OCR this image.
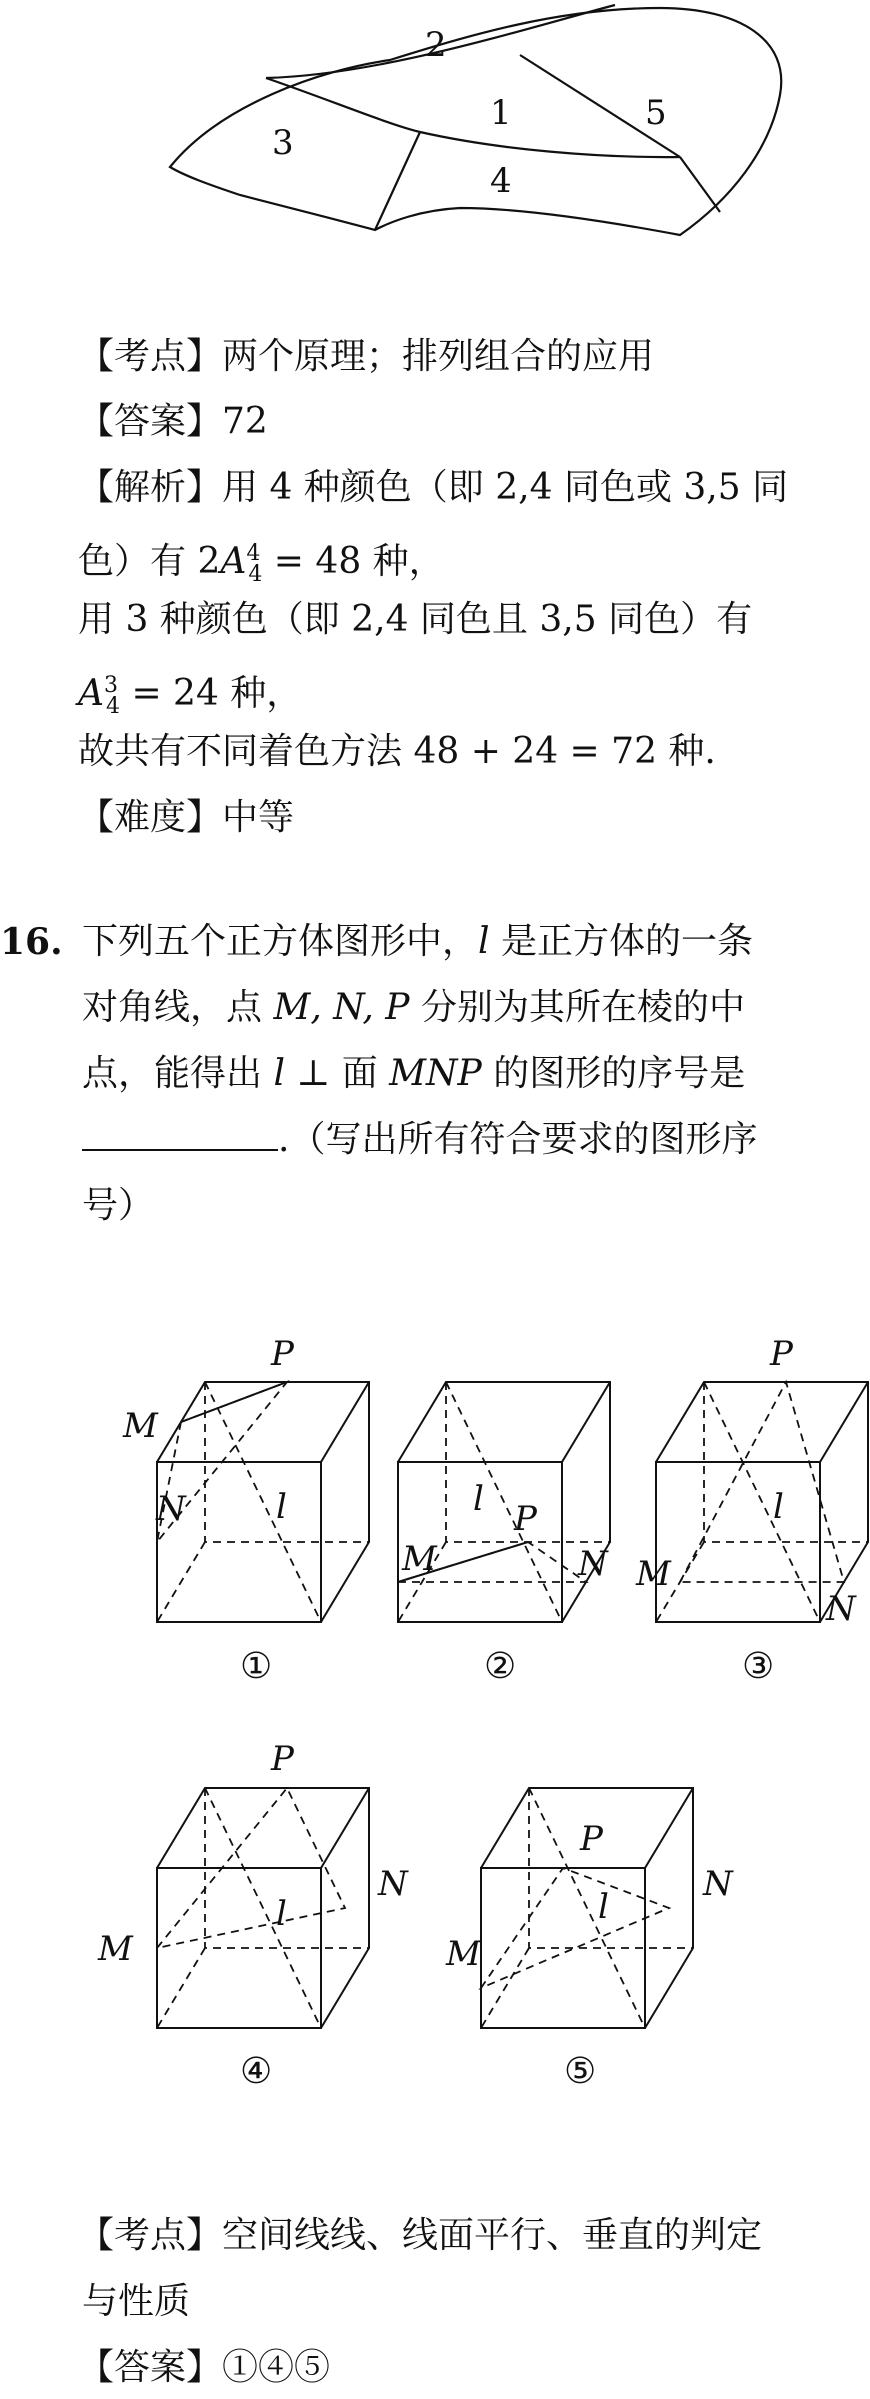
2
1
3
5
4
【考点】两个原理；排列组合的应用
【答案】72
【解析】用 4 种颜色（即 2,4 同色或 3,5 同
色）有 $2A^4_4 = 48$ 种，
用 3 种颜色（即 2,4 同色且 3,5 同色）有
$A^3_4 = 24$ 种，
故共有不同着色方法 48 + 24 = 72 种.
【难度】中等
16. 下列五个正方体图形中，l 是正方体的一条
对角线，点 M, N, P 分别为其所在棱的中
点，能得出 l ⊥ 面 MNP 的图形的序号是
.（写出所有符合要求的图形序
号）
P
M
N	l
①
l P
M	N
②
P
l
M
N
③
P
N
l
M
④
P
N
l
M
⑤
【考点】空间线线、线面平行、垂直的判定
与性质
【答案】①④⑤
